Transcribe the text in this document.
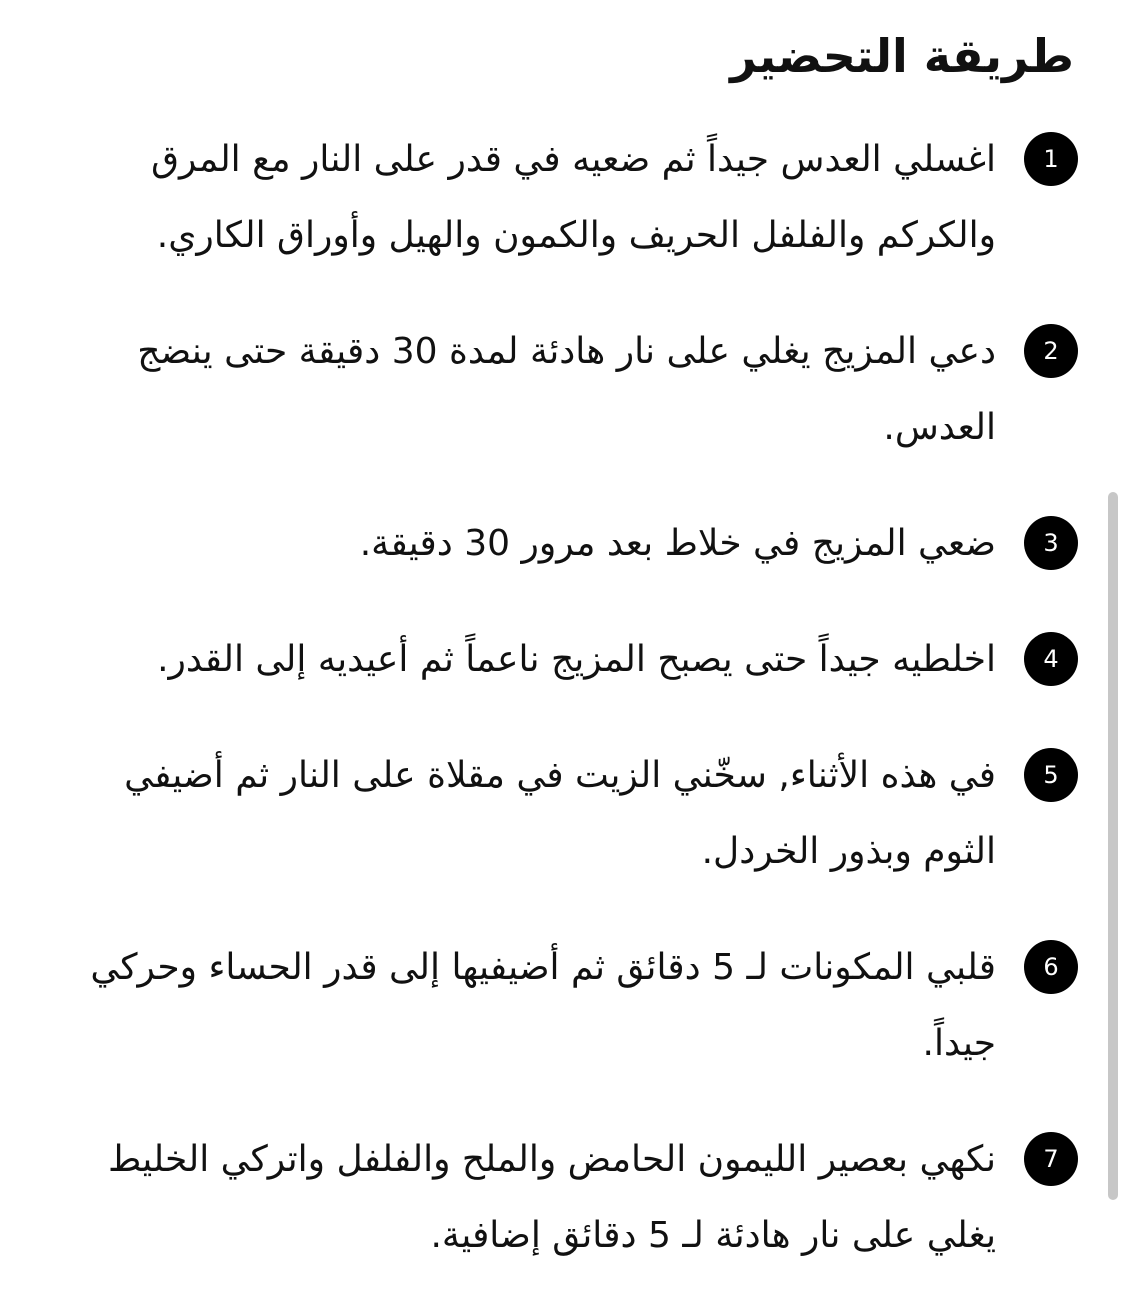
طريقة التحضير
1
اغسلي العدس جيداً ثم ضعيه في قدر على النار مع المرق والكركم والفلفل الحريف والكمون والهيل وأوراق الكاري.
2
دعي المزيج يغلي على نار هادئة لمدة 30 دقيقة حتى ينضج العدس.
3
ضعي المزيج في خلاط بعد مرور 30 دقيقة.
4
اخلطيه جيداً حتى يصبح المزيج ناعماً ثم أعيديه إلى القدر.
5
في هذه الأثناء, سخّني الزيت في مقلاة على النار ثم أضيفي الثوم وبذور الخردل.
6
قلبي المكونات لـ 5 دقائق ثم أضيفيها إلى قدر الحساء وحركي جيداً.
7
نكهي بعصير الليمون الحامض والملح والفلفل واتركي الخليط يغلي على نار هادئة لـ 5 دقائق إضافية.
